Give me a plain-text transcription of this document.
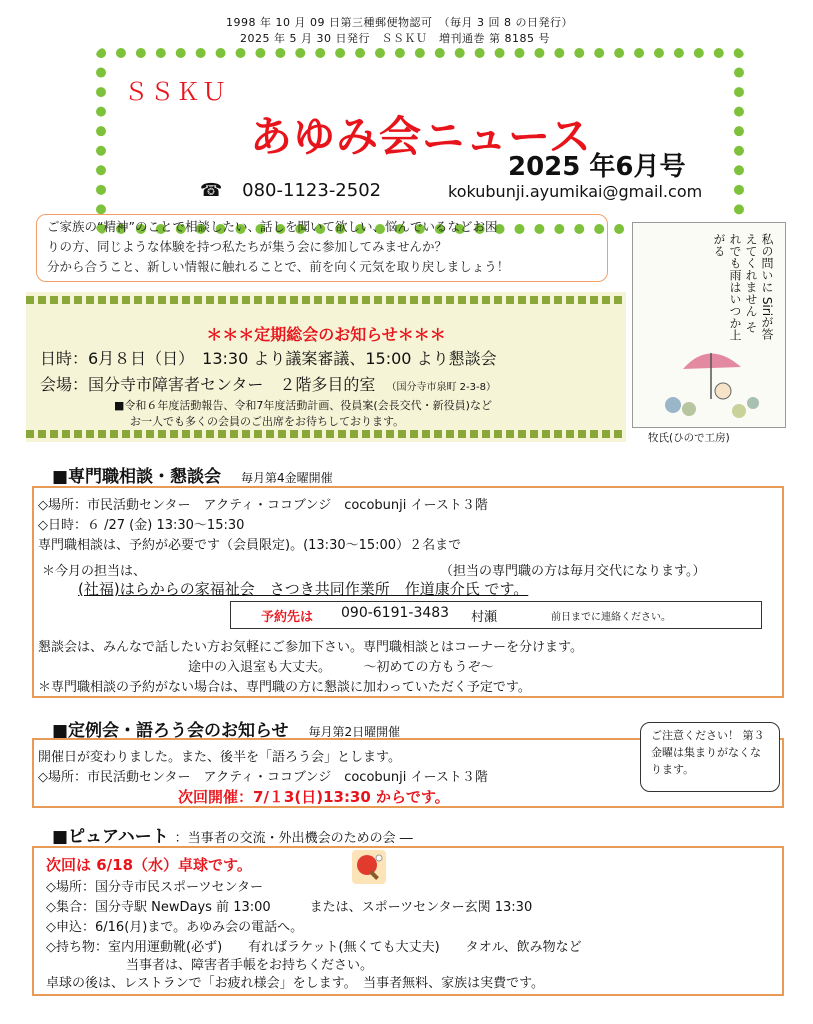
1998 年 10 月 09 日第三種郵便物認可　（毎月 3 回 8 の日発行）
2025 年 5 月 30 日発行　ＳＳＫＵ　増刊通巻 第 8185 号
ＳＳＫＵ
あゆみ会ニュース
2025 年6月号
☎ 080-1123-2502	kokubunji.ayumikai@gmail.com
ご家族の“精神”のことで相談したい、話しを聞いて欲しい、悩んでいるなどお困
りの方、同じような体験を持つ私たちが集う会に参加してみませんか？
分から合うこと、新しい情報に触れることで、前を向く元気を取り戻しましょう！	私の問いに Siriが答えてくれません それでも雨はいつか上がる
牧氏(ひので工房)
＊＊＊定期総会のお知らせ＊＊＊
日時：6月８日（日）　13:30 より議案審議、15:00 より懇談会
会場：国分寺市障害者センター　２階多目的室 （国分寺市泉町 2-3-8）
■令和６年度活動報告、令和7年度活動計画、役員案(会長交代・新役員)など
お一人でも多くの会員のご出席をお待ちしております。
■専門職相談・懇談会 毎月第4金曜開催
◇場所：市民活動センター　アクティ・ココブンジ　cocobunji イースト３階
◇日時：６ /27 (金) 13:30〜15:30
専門職相談は、予約が必要です（会員限定)。(13:30〜15:00）２名まで
＊今月の担当は、	（担当の専門職の方は毎月交代になります。）
(社福)はらからの家福祉会　さつき共同作業所　作道康介氏 です。
予約先は 090-6191-3483 村瀬	前日までに連絡ください。
懇談会は、みんなで話したい方お気軽にご参加下さい。専門職相談とはコーナーを分けます。
途中の入退室も大丈夫。　　　〜初めての方もうぞ〜
＊専門職相談の予約がない場合は、専門職の方に懇談に加わっていただく予定です。
■定例会・語ろう会のお知らせ 毎月第2日曜開催
開催日が変わりました。また、後半を「語ろう会」とします。
◇場所：市民活動センター　アクティ・ココブンジ　cocobunji イースト３階
次回開催：7/１3(日)13:30 からです。
ご注意ください！ 第３金曜は集まりがなくなります。
■ピュアハート ：当事者の交流・外出機会のための会 ―
次回は 6/18（水）卓球です。
◇場所：国分寺市民スポーツセンター
◇集合：国分寺駅 NewDays 前 13:00　　　または、スポーツセンター玄関 13:30
◇申込：6/16(月)まで。あゆみ会の電話へ。
◇持ち物：室内用運動靴(必ず)　　有ればラケット(無くても大丈夫)　　タオル、飲み物など
当事者は、障害者手帳をお持ちください。
卓球の後は、レストランで「お疲れ様会」をします。　当事者無料、家族は実費です。
